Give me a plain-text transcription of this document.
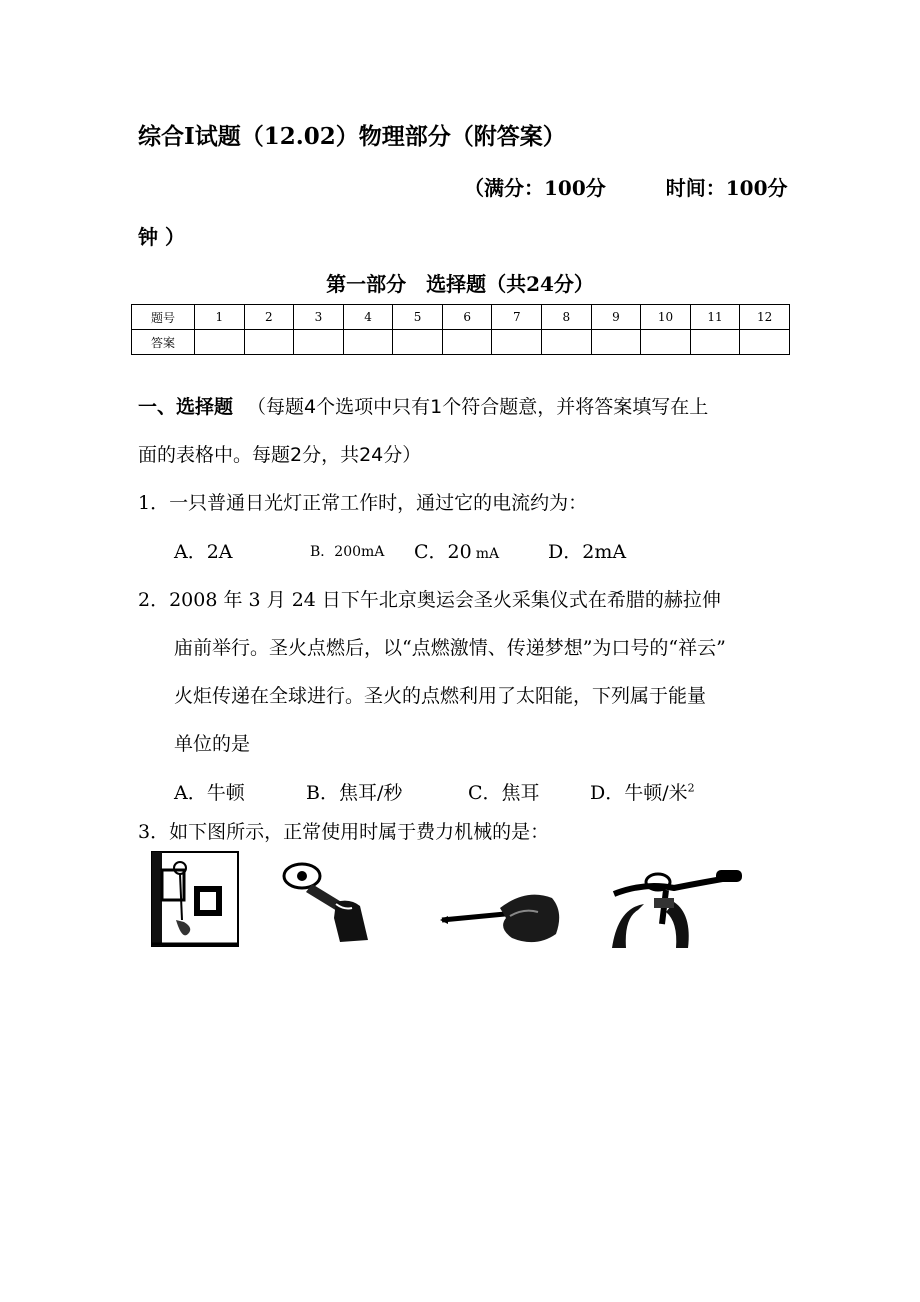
综合Ⅰ试题（12.02）物理部分（附答案）
（满分：100分	时间：100分
钟 ）
第一部分　选择题（共24分）
题号	1	2	3	4	5	6	7	8	9	10	11	12
答案												
一、选择题 （每题4个选项中只有1个符合题意，并将答案填写在上
面的表格中。每题2分，共24分）
1．一只普通日光灯正常工作时，通过它的电流约为：
A．2A	B．200mA C．20 mA	D．2mA
2．2008 年 3 月 24 日下午北京奥运会圣火采集仪式在希腊的赫拉伸
庙前举行。圣火点燃后，以“点燃激情、传递梦想”为口号的“祥云”
火炬传递在全球进行。圣火的点燃利用了太阳能，下列属于能量
单位的是
A．牛顿	B．焦耳/秒	C．焦耳	D．牛顿/米$^2$
3．如下图所示，正常使用时属于费力机械的是：
